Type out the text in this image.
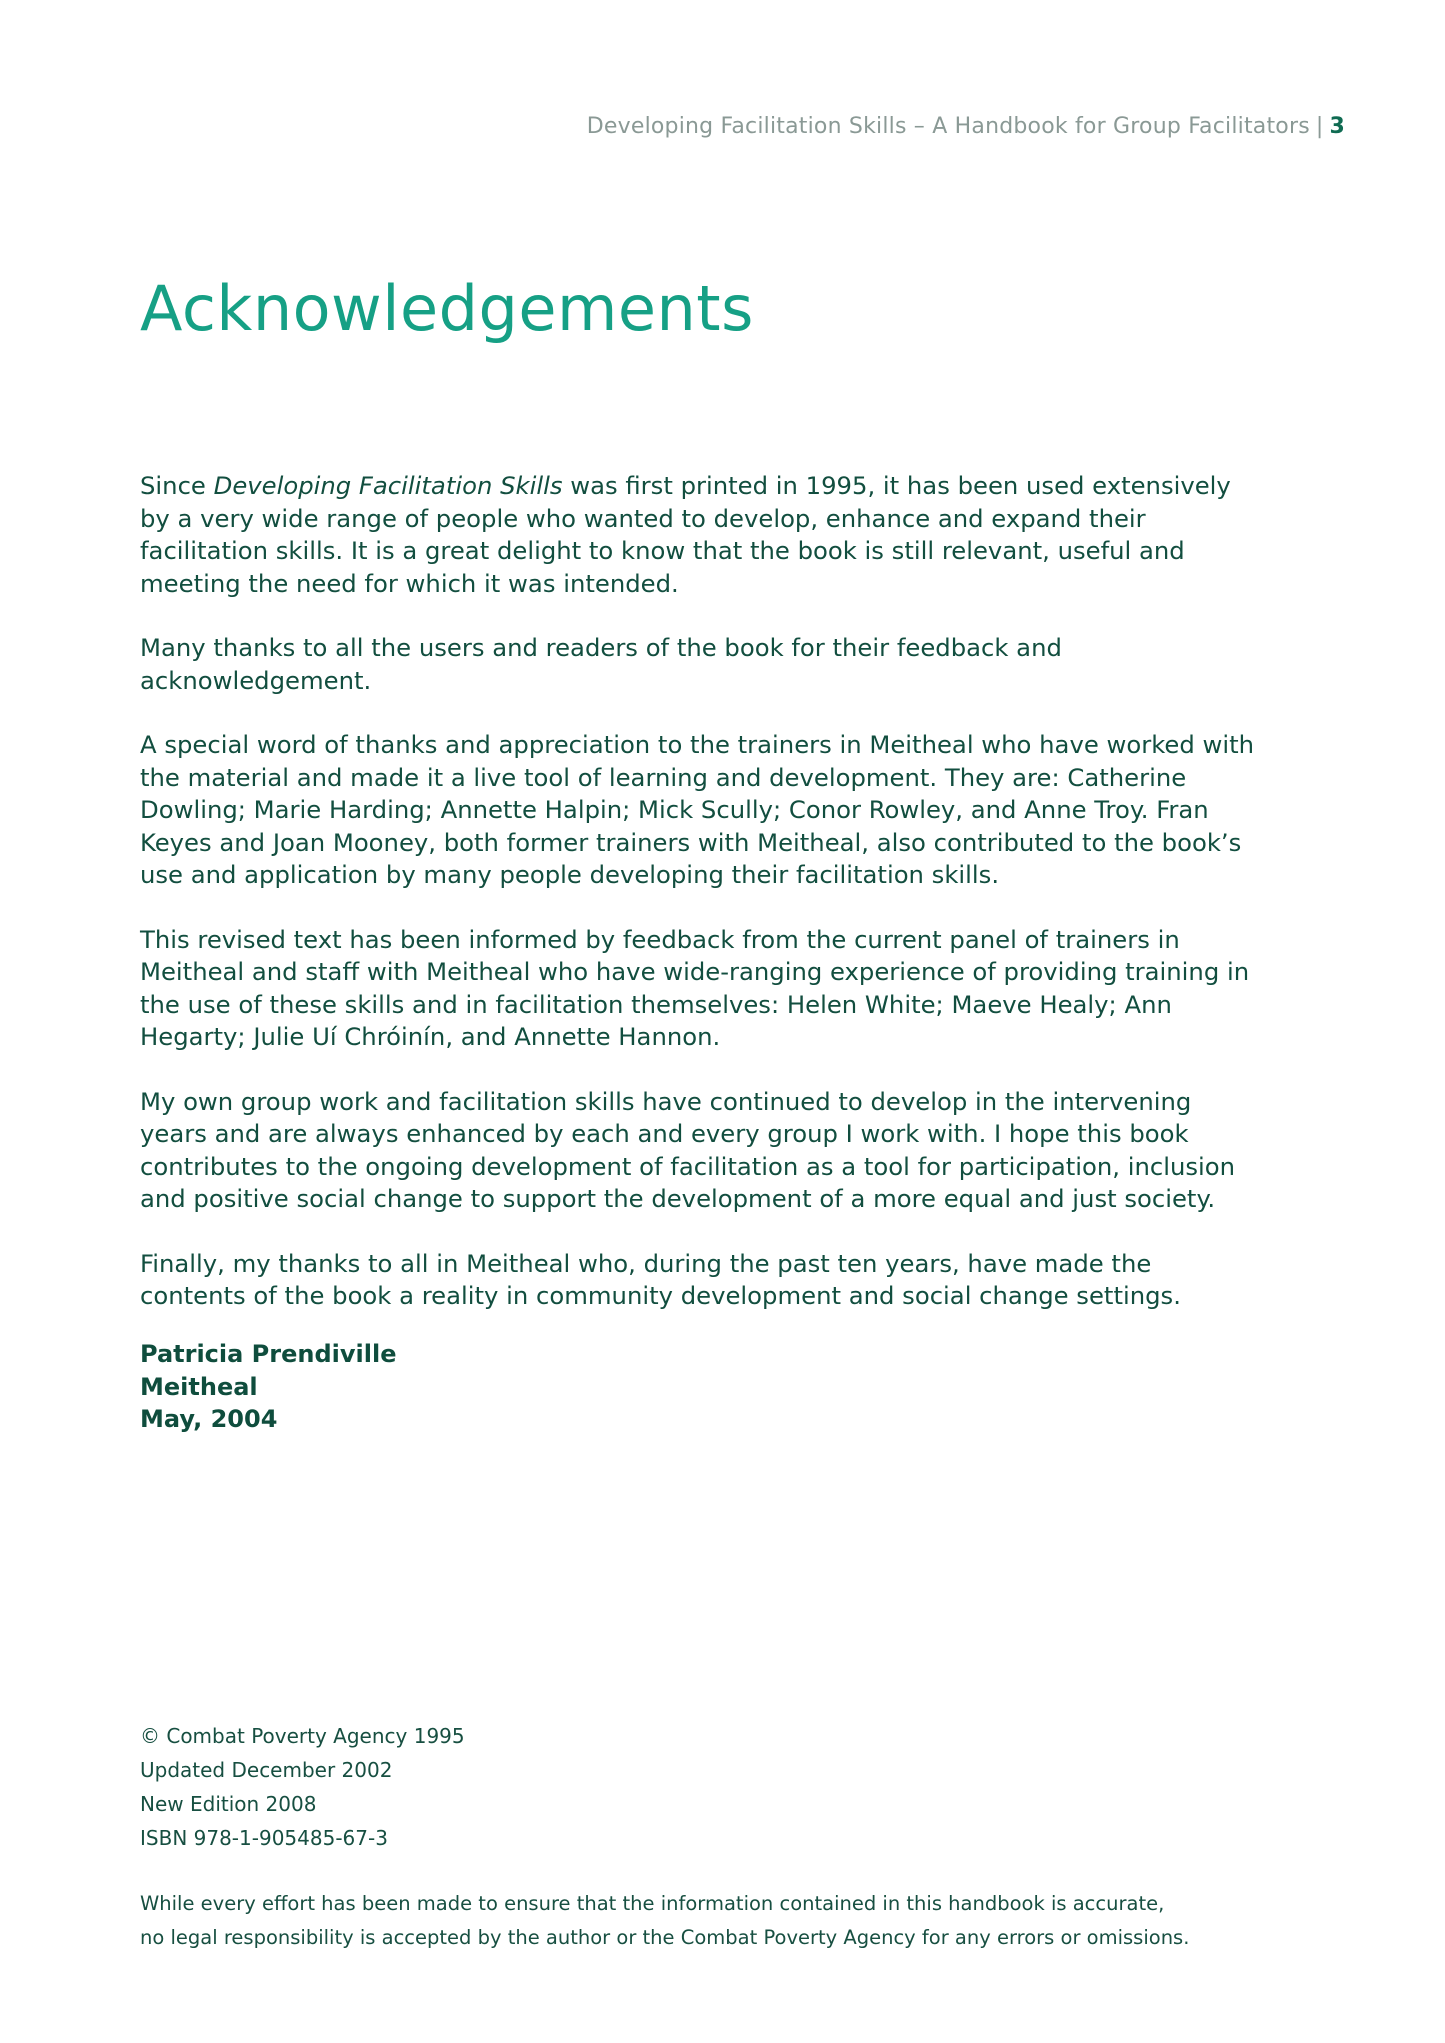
Developing Facilitation Skills – A Handbook for Group Facilitators | 3
Acknowledgements

Since Developing Facilitation Skills was first printed in 1995, it has been used extensively by a very wide range of people who wanted to develop, enhance and expand their facilitation skills. It is a great delight to know that the book is still relevant, useful and meeting the need for which it was intended.

Many thanks to all the users and readers of the book for their feedback and acknowledgement.

A special word of thanks and appreciation to the trainers in Meitheal who have worked with the material and made it a live tool of learning and development. They are: Catherine Dowling; Marie Harding; Annette Halpin; Mick Scully; Conor Rowley, and Anne Troy. Fran Keyes and Joan Mooney, both former trainers with Meitheal, also contributed to the book’s use and application by many people developing their facilitation skills.

This revised text has been informed by feedback from the current panel of trainers in Meitheal and staff with Meitheal who have wide-ranging experience of providing training in the use of these skills and in facilitation themselves: Helen White; Maeve Healy; Ann Hegarty; Julie Uí Chróinín, and Annette Hannon.

My own group work and facilitation skills have continued to develop in the intervening years and are always enhanced by each and every group I work with. I hope this book contributes to the ongoing development of facilitation as a tool for participation, inclusion and positive social change to support the development of a more equal and just society.

Finally, my thanks to all in Meitheal who, during the past ten years, have made the contents of the book a reality in community development and social change settings.

Patricia Prendiville
Meitheal
May, 2004
© Combat Poverty Agency 1995
Updated December 2002
New Edition 2008
ISBN 978-1-905485-67-3
While every effort has been made to ensure that the information contained in this handbook is accurate,
no legal responsibility is accepted by the author or the Combat Poverty Agency for any errors or omissions.
